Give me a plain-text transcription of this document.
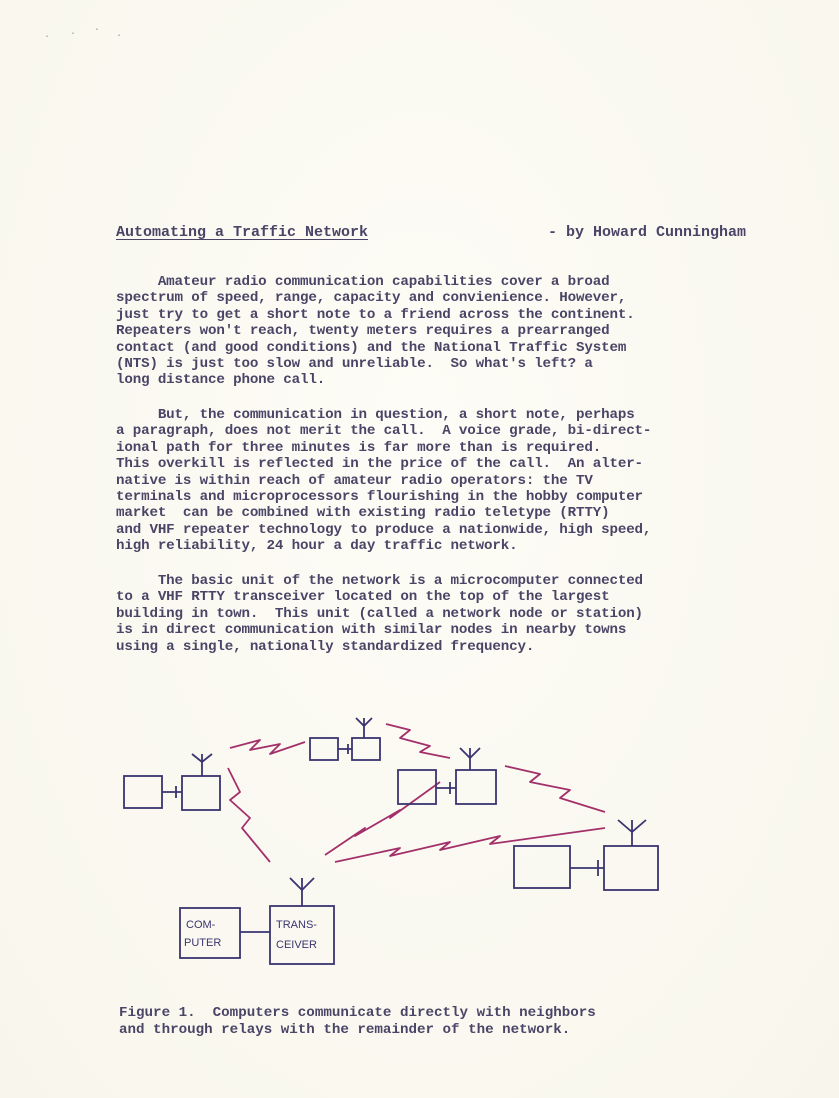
· · ·
·
Automating a Traffic Network	- by Howard Cunningham
Amateur radio communication capabilities cover a broad
spectrum of speed, range, capacity and convienience. However,
just try to get a short note to a friend across the continent.
Repeaters won't reach, twenty meters requires a prearranged
contact (and good conditions) and the National Traffic System
(NTS) is just too slow and unreliable.  So what's left? a
long distance phone call.
But, the communication in question, a short note, perhaps
a paragraph, does not merit the call.  A voice grade, bi-direct-
ional path for three minutes is far more than is required.
This overkill is reflected in the price of the call.  An alter-
native is within reach of amateur radio operators: the TV
terminals and microprocessors flourishing in the hobby computer
market  can be combined with existing radio teletype (RTTY)
and VHF repeater technology to produce a nationwide, high speed,
high reliability, 24 hour a day traffic network.
The basic unit of the network is a microcomputer connected
to a VHF RTTY transceiver located on the top of the largest
building in town.  This unit (called a network node or station)
is in direct communication with similar nodes in nearby towns
using a single, nationally standardized frequency.
COM-
PUTER
TRANS-
CEIVER
Figure 1.  Computers communicate directly with neighbors
and through relays with the remainder of the network.
